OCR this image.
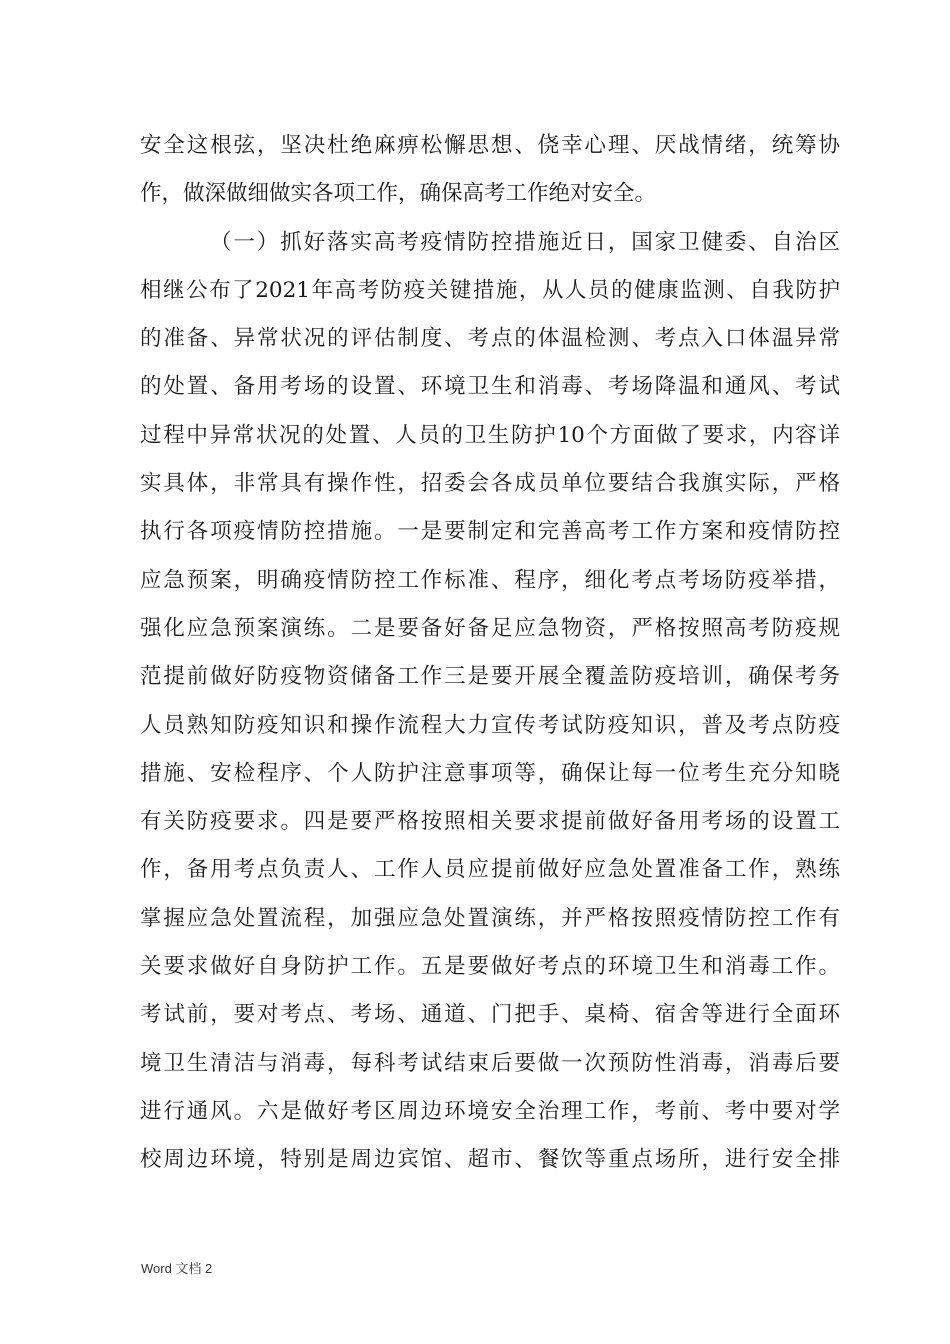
安全这根弦，坚决杜绝麻痹松懈思想、侥幸心理、厌战情绪，统筹协
作，做深做细做实各项工作，确保高考工作绝对安全。
（一）抓好落实高考疫情防控措施近日，国家卫健委、自治区
相继公布了2021年高考防疫关键措施，从人员的健康监测、自我防护
的准备、异常状况的评估制度、考点的体温检测、考点入口体温异常
的处置、备用考场的设置、环境卫生和消毒、考场降温和通风、考试
过程中异常状况的处置、人员的卫生防护10个方面做了要求，内容详
实具体，非常具有操作性，招委会各成员单位要结合我旗实际，严格
执行各项疫情防控措施。一是要制定和完善高考工作方案和疫情防控
应急预案，明确疫情防控工作标准、程序，细化考点考场防疫举措，
强化应急预案演练。二是要备好备足应急物资，严格按照高考防疫规
范提前做好防疫物资储备工作三是要开展全覆盖防疫培训，确保考务
人员熟知防疫知识和操作流程大力宣传考试防疫知识，普及考点防疫
措施、安检程序、个人防护注意事项等，确保让每一位考生充分知晓
有关防疫要求。四是要严格按照相关要求提前做好备用考场的设置工
作，备用考点负责人、工作人员应提前做好应急处置准备工作，熟练
掌握应急处置流程，加强应急处置演练，并严格按照疫情防控工作有
关要求做好自身防护工作。五是要做好考点的环境卫生和消毒工作。
考试前，要对考点、考场、通道、门把手、桌椅、宿舍等进行全面环
境卫生清洁与消毒，每科考试结束后要做一次预防性消毒，消毒后要
进行通风。六是做好考区周边环境安全治理工作，考前、考中要对学
校周边环境，特别是周边宾馆、超市、餐饮等重点场所，进行安全排
Word 文档 2
